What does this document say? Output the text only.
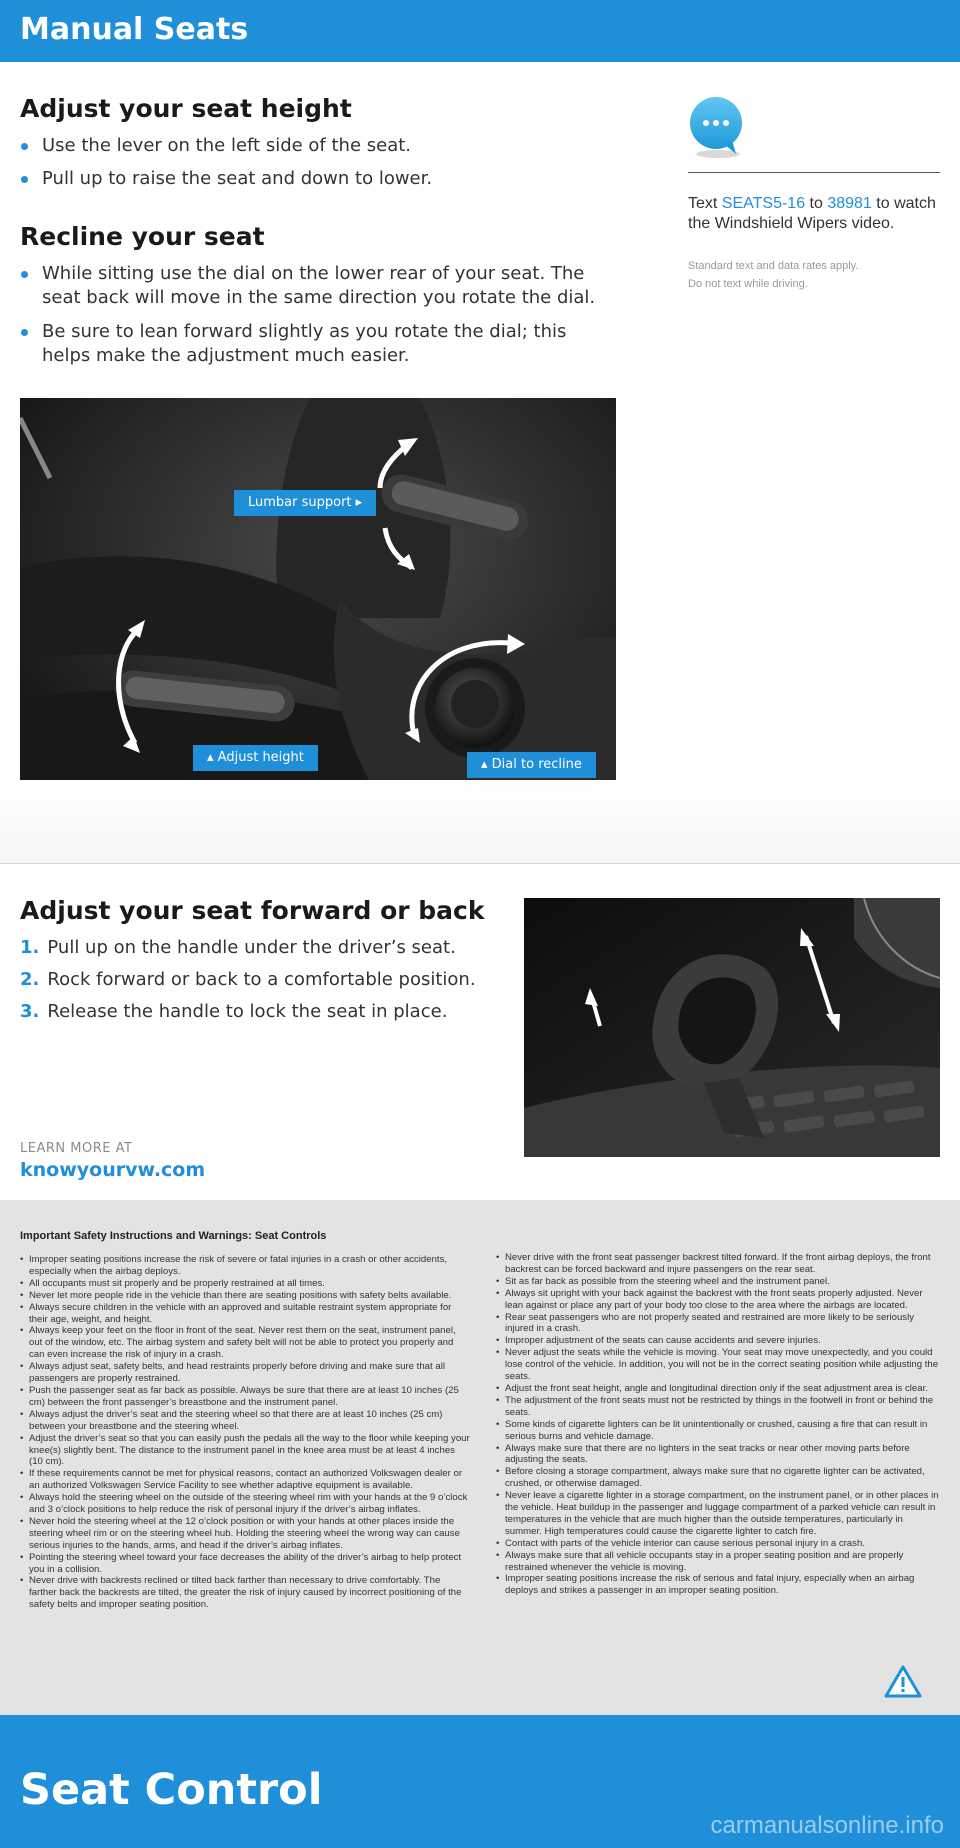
Manual Seats
Adjust your seat height
Use the lever on the left side of the seat.
Pull up to raise the seat and down to lower.
Recline your seat
While sitting use the dial on the lower rear of your seat. The seat back will move in the same direction you rotate the dial.
Be sure to lean forward slightly as you rotate the dial; this helps make the adjustment much easier.
Text SEATS5-16 to 38981 to watch the Windshield Wipers video.
Standard text and data rates apply.
Do not text while driving.
Lumbar support ▸
▴ Adjust height	▴ Dial to recline
Adjust your seat forward or back
1. Pull up on the handle under the driver’s seat.
2. Rock forward or back to a comfortable position.
3. Release the handle to lock the seat in place.
LEARN MORE AT
knowyourvw.com
Important Safety Instructions and Warnings: Seat Controls
• Improper seating positions increase the risk of severe or fatal injuries in a crash or other accidents, especially when the airbag deploys.
• All occupants must sit properly and be properly restrained at all times.
• Never let more people ride in the vehicle than there are seating positions with safety belts available.
• Always secure children in the vehicle with an approved and suitable restraint system appropriate for their age, weight, and height.
• Always keep your feet on the floor in front of the seat. Never rest them on the seat, instrument panel, out of the window, etc. The airbag system and safety belt will not be able to protect you properly and can even increase the risk of injury in a crash.
• Always adjust seat, safety belts, and head restraints properly before driving and make sure that all passengers are properly restrained.
• Push the passenger seat as far back as possible. Always be sure that there are at least 10 inches (25 cm) between the front passenger’s breastbone and the instrument panel.
• Always adjust the driver’s seat and the steering wheel so that there are at least 10 inches (25 cm) between your breastbone and the steering wheel.
• Adjust the driver’s seat so that you can easily push the pedals all the way to the floor while keeping your knee(s) slightly bent. The distance to the instrument panel in the knee area must be at least 4 inches (10 cm).
• If these requirements cannot be met for physical reasons, contact an authorized Volkswagen dealer or an authorized Volkswagen Service Facility to see whether adaptive equipment is available.
• Always hold the steering wheel on the outside of the steering wheel rim with your hands at the 9 o’clock and 3 o’clock positions to help reduce the risk of personal injury if the driver’s airbag inflates.
• Never hold the steering wheel at the 12 o’clock position or with your hands at other places inside the steering wheel rim or on the steering wheel hub. Holding the steering wheel the wrong way can cause serious injuries to the hands, arms, and head if the driver’s airbag inflates.
• Pointing the steering wheel toward your face decreases the ability of the driver’s airbag to help protect you in a collision.
• Never drive with backrests reclined or tilted back farther than necessary to drive comfortably. The farther back the backrests are tilted, the greater the risk of injury caused by incorrect positioning of the safety belts and improper seating position.
• Never drive with the front seat passenger backrest tilted forward. If the front airbag deploys, the front backrest can be forced backward and injure passengers on the rear seat.
• Sit as far back as possible from the steering wheel and the instrument panel.
• Always sit upright with your back against the backrest with the front seats properly adjusted. Never lean against or place any part of your body too close to the area where the airbags are located.
• Rear seat passengers who are not properly seated and restrained are more likely to be seriously injured in a crash.
• Improper adjustment of the seats can cause accidents and severe injuries.
• Never adjust the seats while the vehicle is moving. Your seat may move unexpectedly, and you could lose control of the vehicle. In addition, you will not be in the correct seating position while adjusting the seats.
• Adjust the front seat height, angle and longitudinal direction only if the seat adjustment area is clear.
• The adjustment of the front seats must not be restricted by things in the footwell in front or behind the seats.
• Some kinds of cigarette lighters can be lit unintentionally or crushed, causing a fire that can result in serious burns and vehicle damage.
• Always make sure that there are no lighters in the seat tracks or near other moving parts before adjusting the seats.
• Before closing a storage compartment, always make sure that no cigarette lighter can be activated, crushed, or otherwise damaged.
• Never leave a cigarette lighter in a storage compartment, on the instrument panel, or in other places in the vehicle. Heat buildup in the passenger and luggage compartment of a parked vehicle can result in temperatures in the vehicle that are much higher than the outside temperatures, particularly in summer. High temperatures could cause the cigarette lighter to catch fire.
• Contact with parts of the vehicle interior can cause serious personal injury in a crash.
• Always make sure that all vehicle occupants stay in a proper seating position and are properly restrained whenever the vehicle is moving.
• Improper seating positions increase the risk of serious and fatal injury, especially when an airbag deploys and strikes a passenger in an improper seating position.
Seat Control
carmanualsonline.info
